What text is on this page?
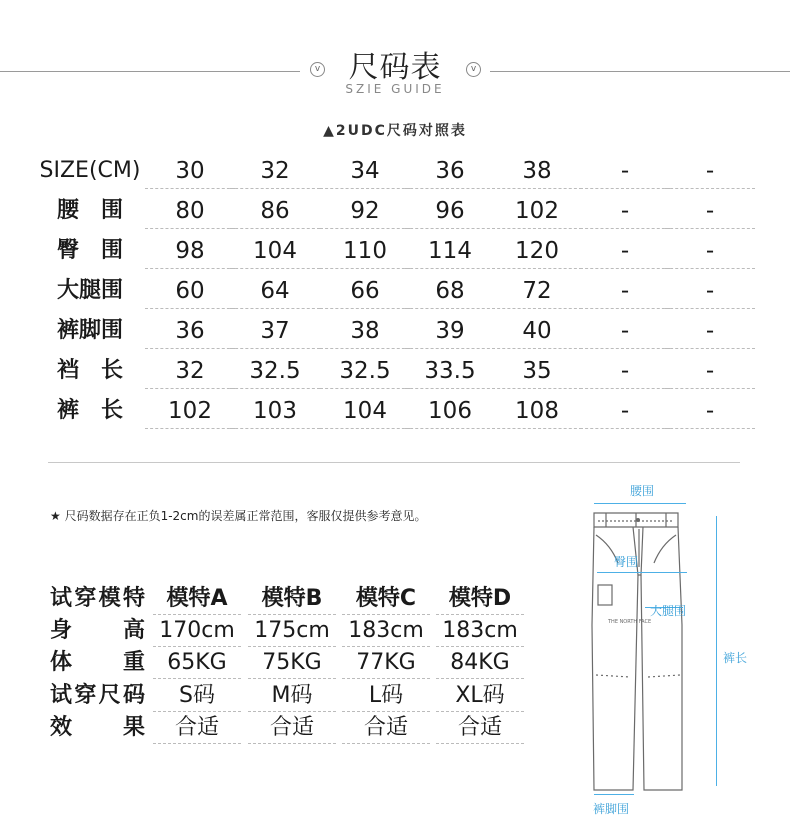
v	v
尺码表
SZIE GUIDE
▲2UDC尺码对照表
SIZE(CM)	30	32	34	36	38	-	-
腰　围	80	86	92	96	102	-	-
臀　围	98	104	110	114	120	-	-
大腿围	60	64	66	68	72	-	-
裤脚围	36	37	38	39	40	-	-
裆　长	32	32.5	32.5	33.5	35	-	-
裤　长	102	103	104	106	108	-	-
★ 尺码数据存在正负1-2cm的误差属正常范围，客服仅提供参考意见。
试穿模特 模特A	模特B	模特C	模特D
身高 170cm 175cm 183cm 183cm
体重	65KG	75KG	77KG	84KG
试穿尺码	S码	M码	L码	XL码
效果	合适	合适	合适	合适
THE NORTH FACE
腰围
臀围
大腿围
裤长
裤脚围
